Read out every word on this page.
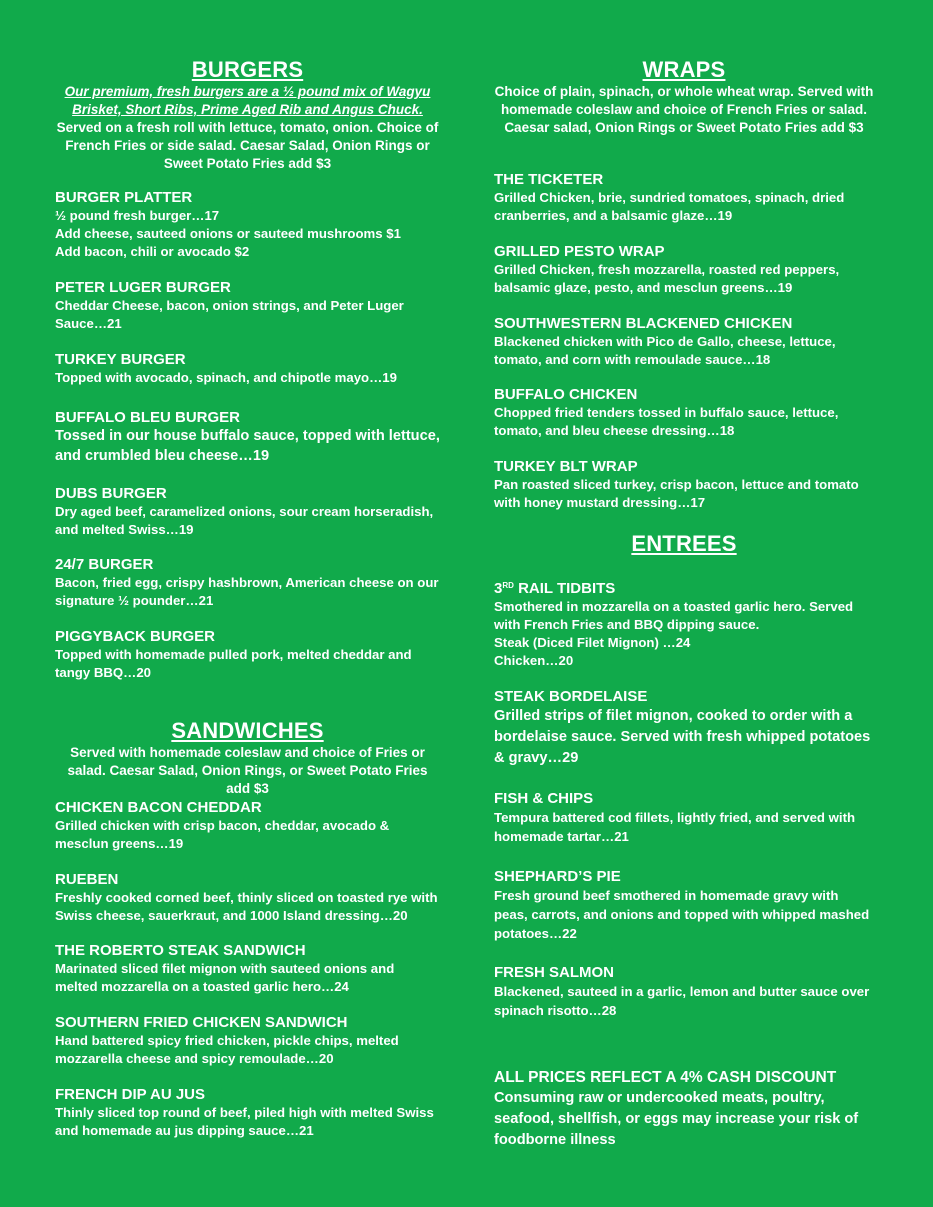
BURGERS
Our premium, fresh burgers are a ½ pound mix of Wagyu Brisket, Short Ribs, Prime Aged Rib and Angus Chuck. Served on a fresh roll with lettuce, tomato, onion. Choice of French Fries or side salad. Caesar Salad, Onion Rings or Sweet Potato Fries add $3
BURGER PLATTER
½ pound fresh burger…17
Add cheese, sauteed onions or sauteed mushrooms $1
Add bacon, chili or avocado $2
PETER LUGER BURGER
Cheddar Cheese, bacon, onion strings, and Peter Luger Sauce…21
TURKEY BURGER
Topped with avocado, spinach, and chipotle mayo…19
BUFFALO BLEU BURGER
Tossed in our house buffalo sauce, topped with lettuce, and crumbled bleu cheese…19
DUBS BURGER
Dry aged beef, caramelized onions, sour cream horseradish, and melted Swiss…19
24/7 BURGER
Bacon, fried egg, crispy hashbrown, American cheese on our signature ½ pounder…21
PIGGYBACK BURGER
Topped with homemade pulled pork, melted cheddar and tangy BBQ…20
SANDWICHES
Served with homemade coleslaw and choice of Fries or salad. Caesar Salad, Onion Rings, or Sweet Potato Fries add $3
CHICKEN BACON CHEDDAR
Grilled chicken with crisp bacon, cheddar, avocado & mesclun greens…19
RUEBEN
Freshly cooked corned beef, thinly sliced on toasted rye with Swiss cheese, sauerkraut, and 1000 Island dressing…20
THE ROBERTO STEAK SANDWICH
Marinated sliced filet mignon with sauteed onions and melted mozzarella on a toasted garlic hero…24
SOUTHERN FRIED CHICKEN SANDWICH
Hand battered spicy fried chicken, pickle chips, melted mozzarella cheese and spicy remoulade…20
FRENCH DIP AU JUS
Thinly sliced top round of beef, piled high with melted Swiss and homemade au jus dipping sauce…21
WRAPS
Choice of plain, spinach, or whole wheat wrap. Served with homemade coleslaw and choice of French Fries or salad. Caesar salad, Onion Rings or Sweet Potato Fries add $3
THE TICKETER
Grilled Chicken, brie, sundried tomatoes, spinach, dried cranberries, and a balsamic glaze…19
GRILLED PESTO WRAP
Grilled Chicken, fresh mozzarella, roasted red peppers, balsamic glaze, pesto, and mesclun greens…19
SOUTHWESTERN BLACKENED CHICKEN
Blackened chicken with Pico de Gallo, cheese, lettuce, tomato, and corn with remoulade sauce…18
BUFFALO CHICKEN
Chopped fried tenders tossed in buffalo sauce, lettuce, tomato, and bleu cheese dressing…18
TURKEY BLT WRAP
Pan roasted sliced turkey, crisp bacon, lettuce and tomato with honey mustard dressing…17
ENTREES
3RD RAIL TIDBITS
Smothered in mozzarella on a toasted garlic hero. Served with French Fries and BBQ dipping sauce.
Steak (Diced Filet Mignon) …24
Chicken…20
STEAK BORDELAISE
Grilled strips of filet mignon, cooked to order with a bordelaise sauce. Served with fresh whipped potatoes & gravy…29
FISH & CHIPS
Tempura battered cod fillets, lightly fried, and served with homemade tartar…21
SHEPHARD’S PIE
Fresh ground beef smothered in homemade gravy with peas, carrots, and onions and topped with whipped mashed potatoes…22
FRESH SALMON
Blackened, sauteed in a garlic, lemon and butter sauce over spinach risotto…28
ALL PRICES REFLECT A 4% CASH DISCOUNT
Consuming raw or undercooked meats, poultry, seafood, shellfish, or eggs may increase your risk of foodborne illness
